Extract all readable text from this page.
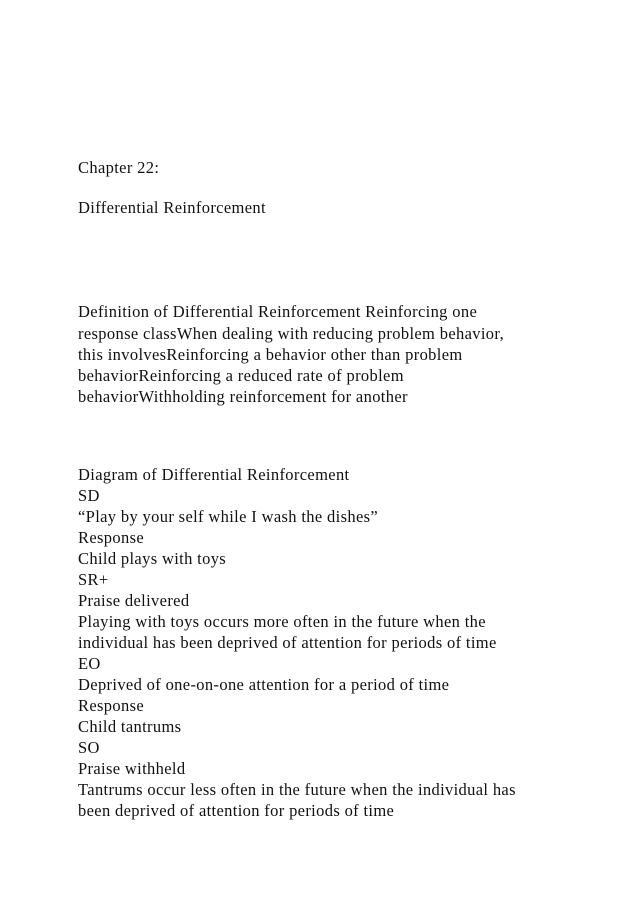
Chapter 22:
Differential Reinforcement
Definition of Differential Reinforcement Reinforcing one
response classWhen dealing with reducing problem behavior,
this involvesReinforcing a behavior other than problem
behaviorReinforcing a reduced rate of problem
behaviorWithholding reinforcement for another
Diagram of Differential Reinforcement
SD
“Play by your self while I wash the dishes”
Response
Child plays with toys
SR+
Praise delivered
Playing with toys occurs more often in the future when the
individual has been deprived of attention for periods of time
EO
Deprived of one-on-one attention for a period of time
Response
Child tantrums
SO
Praise withheld
Tantrums occur less often in the future when the individual has
been deprived of attention for periods of time
